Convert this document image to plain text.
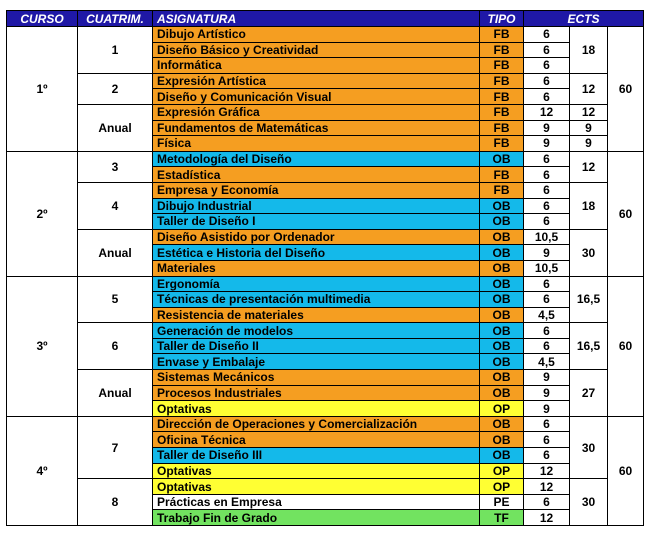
CURSO	CUATRIM.	ASIGNATURA	TIPO	ECTS		
1º	1	Dibujo Artístico	FB	6	18	60
		Diseño Básico y Creatividad	FB	6		
		Informática	FB	6		
	2	Expresión Artística	FB	6	12	
		Diseño y Comunicación Visual	FB	6		
	Anual	Expresión Gráfica	FB	12	12	
		Fundamentos de Matemáticas	FB	9	9	
		Física	FB	9	9	
2º	3	Metodología del Diseño	OB	6	12	60
		Estadística	FB	6		
	4	Empresa y Economía	FB	6	18	
		Dibujo Industrial	OB	6		
		Taller de Diseño I	OB	6		
	Anual	Diseño Asistido por Ordenador	OB	10,5	30	
		Estética e Historia del Diseño	OB	9		
		Materiales	OB	10,5		
3º	5	Ergonomía	OB	6	16,5	60
		Técnicas de presentación multimedia	OB	6		
		Resistencia de materiales	OB	4,5		
	6	Generación de modelos	OB	6	16,5	
		Taller de Diseño II	OB	6		
		Envase y Embalaje	OB	4,5		
	Anual	Sistemas Mecánicos	OB	9	27	
		Procesos Industriales	OB	9		
		Optativas	OP	9		
4º	7	Dirección de Operaciones y Comercialización	OB	6	30	60
		Oficina Técnica	OB	6		
		Taller de Diseño III	OB	6		
		Optativas	OP	12		
	8	Optativas	OP	12	30	
		Prácticas en Empresa	PE	6		
		Trabajo Fin de Grado	TF	12		
